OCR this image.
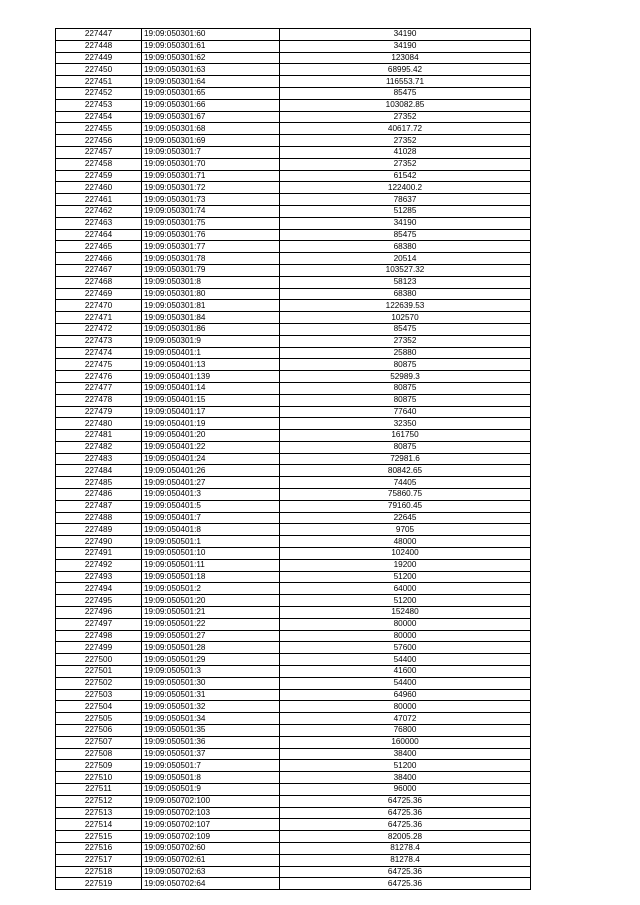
227447	19:09:050301:60	34190
227448	19:09:050301:61	34190
227449	19:09:050301:62	123084
227450	19:09:050301:63	68995.42
227451	19:09:050301:64	116553.71
227452	19:09:050301:65	85475
227453	19:09:050301:66	103082.85
227454	19:09:050301:67	27352
227455	19:09:050301:68	40617.72
227456	19:09:050301:69	27352
227457	19:09:050301:7	41028
227458	19:09:050301:70	27352
227459	19:09:050301:71	61542
227460	19:09:050301:72	122400.2
227461	19:09:050301:73	78637
227462	19:09:050301:74	51285
227463	19:09:050301:75	34190
227464	19:09:050301:76	85475
227465	19:09:050301:77	68380
227466	19:09:050301:78	20514
227467	19:09:050301:79	103527.32
227468	19:09:050301:8	58123
227469	19:09:050301:80	68380
227470	19:09:050301:81	122639.53
227471	19:09:050301:84	102570
227472	19:09:050301:86	85475
227473	19:09:050301:9	27352
227474	19:09:050401:1	25880
227475	19:09:050401:13	80875
227476	19:09:050401:139	52989.3
227477	19:09:050401:14	80875
227478	19:09:050401:15	80875
227479	19:09:050401:17	77640
227480	19:09:050401:19	32350
227481	19:09:050401:20	161750
227482	19:09:050401:22	80875
227483	19:09:050401:24	72981.6
227484	19:09:050401:26	80842.65
227485	19:09:050401:27	74405
227486	19:09:050401:3	75860.75
227487	19:09:050401:5	79160.45
227488	19:09:050401:7	22645
227489	19:09:050401:8	9705
227490	19:09:050501:1	48000
227491	19:09:050501:10	102400
227492	19:09:050501:11	19200
227493	19:09:050501:18	51200
227494	19:09:050501:2	64000
227495	19:09:050501:20	51200
227496	19:09:050501:21	152480
227497	19:09:050501:22	80000
227498	19:09:050501:27	80000
227499	19:09:050501:28	57600
227500	19:09:050501:29	54400
227501	19:09:050501:3	41600
227502	19:09:050501:30	54400
227503	19:09:050501:31	64960
227504	19:09:050501:32	80000
227505	19:09:050501:34	47072
227506	19:09:050501:35	76800
227507	19:09:050501:36	160000
227508	19:09:050501:37	38400
227509	19:09:050501:7	51200
227510	19:09:050501:8	38400
227511	19:09:050501:9	96000
227512	19:09:050702:100	64725.36
227513	19:09:050702:103	64725.36
227514	19:09:050702:107	64725.36
227515	19:09:050702:109	82005.28
227516	19:09:050702:60	81278.4
227517	19:09:050702:61	81278.4
227518	19:09:050702:63	64725.36
227519	19:09:050702:64	64725.36
